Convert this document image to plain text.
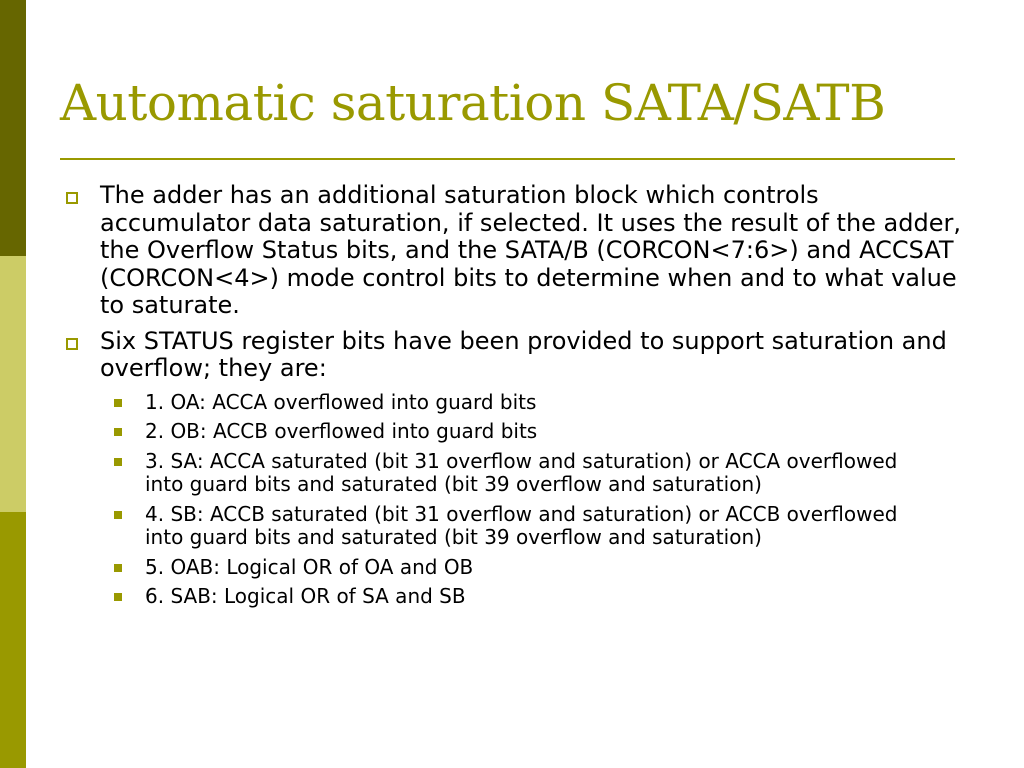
Automatic saturation SATA/SATB
The adder has an additional saturation block which controls accumulator data saturation, if selected. It uses the result of the adder, the Overflow Status bits, and the SATA/B (CORCON<7:6>) and ACCSAT (CORCON<4>) mode control bits to determine when and to what value to saturate.
Six STATUS register bits have been provided to support saturation and overflow; they are:
1. OA: ACCA overflowed into guard bits
2. OB: ACCB overflowed into guard bits
3. SA: ACCA saturated (bit 31 overflow and saturation) or ACCA overflowed into guard bits and saturated (bit 39 overflow and saturation)
4. SB: ACCB saturated (bit 31 overflow and saturation) or ACCB overflowed into guard bits and saturated (bit 39 overflow and saturation)
5. OAB: Logical OR of OA and OB
6. SAB: Logical OR of SA and SB
